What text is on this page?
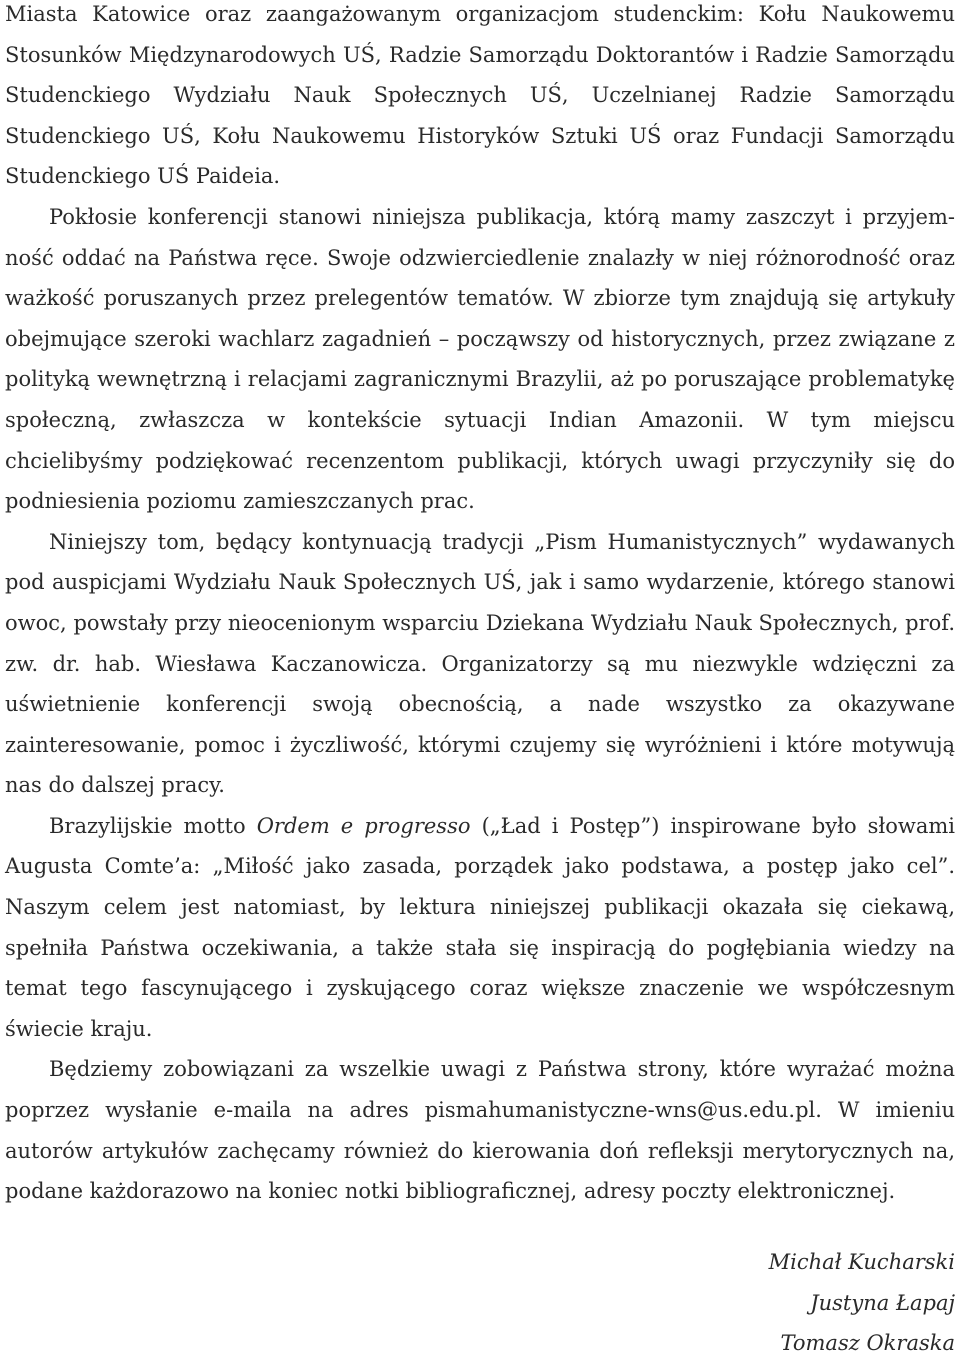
Miasta Katowice oraz zaangażowanym organizacjom studenckim: Kołu Naukowemu Stosunków Międzynarodowych UŚ, Radzie Samorządu Doktorantów i Radzie Samorządu Studenckiego Wydziału Nauk Społecznych UŚ, Uczelnianej Radzie Samorządu Studenckiego UŚ, Kołu Naukowemu Historyków Sztuki UŚ oraz Fundacji Samorządu Studenckiego UŚ Paideia.

Pokłosie konferencji stanowi niniejsza publikacja, którą mamy zaszczyt i przyjemność oddać na Państwa ręce. Swoje odzwierciedlenie znalazły w niej różnorodność oraz ważkość poruszanych przez prelegentów tematów. W zbiorze tym znajdują się artykuły obejmujące szeroki wachlarz zagadnień – począwszy od historycznych, przez związane z polityką wewnętrzną i relacjami zagranicznymi Brazylii, aż po poruszające problematykę społeczną, zwłaszcza w kontekście sytuacji Indian Amazonii. W tym miejscu chcielibyśmy podziękować recenzentom publikacji, których uwagi przyczyniły się do podniesienia poziomu zamieszczanych prac.

Niniejszy tom, będący kontynuacją tradycji „Pism Humanistycznych” wydawanych pod auspicjami Wydziału Nauk Społecznych UŚ, jak i samo wydarzenie, którego stanowi owoc, powstały przy nieocenionym wsparciu Dziekana Wydziału Nauk Społecznych, prof. zw. dr. hab. Wiesława Kaczanowicza. Organizatorzy są mu niezwykle wdzięczni za uświetnienie konferencji swoją obecnością, a nade wszystko za okazywane zainteresowanie, pomoc i życzliwość, którymi czujemy się wyróżnieni i które motywują nas do dalszej pracy.

Brazylijskie motto Ordem e progresso („Ład i Postęp”) inspirowane było słowami Augusta Comte’a: „Miłość jako zasada, porządek jako podstawa, a postęp jako cel”. Naszym celem jest natomiast, by lektura niniejszej publikacji okazała się ciekawą, spełniła Państwa oczekiwania, a także stała się inspiracją do pogłębiania wiedzy na temat tego fascynującego i zyskującego coraz większe znaczenie we współczesnym świecie kraju.

Będziemy zobowiązani za wszelkie uwagi z Państwa strony, które wyrażać można poprzez wysłanie e-maila na adres pismahumanistyczne-wns@us.edu.pl. W imieniu autorów artykułów zachęcamy również do kierowania doń refleksji merytorycznych na, podane każdorazowo na koniec notki bibliograficznej, adresy poczty elektronicznej.

Michał Kucharski
Justyna Łapaj
Tomasz Okraska
